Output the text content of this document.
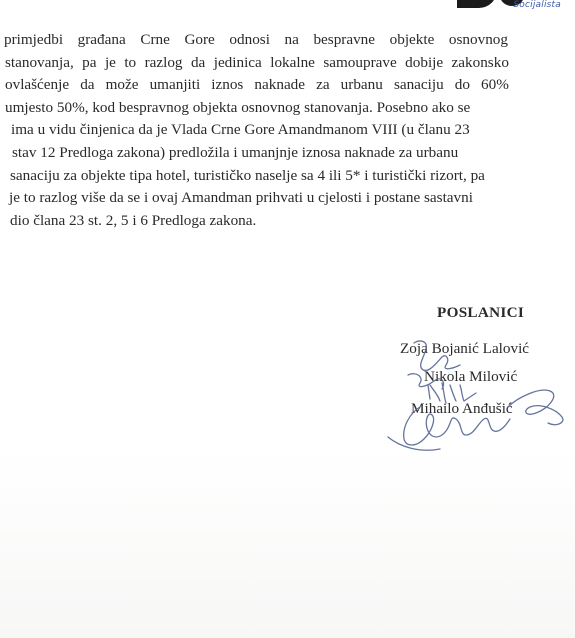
Socijalista
primjedbi građana Crne Gore odnosi na bespravne objekte osnovnog
stanovanja, pa je to razlog da jedinica lokalne samouprave dobije zakonsko
ovlašćenje da može umanjiti iznos naknade za urbanu sanaciju do 60%
umjesto 50%, kod bespravnog objekta osnovnog stanovanja. Posebno ako se
ima u vidu činjenica da je Vlada Crne Gore Amandmanom VIII (u članu 23
stav 12 Predloga zakona) predložila i umanjnje iznosa naknade za urbanu
sanaciju za objekte tipa hotel, turističko naselje sa 4 ili 5* i turistički rizort, pa
je to razlog više da se i ovaj Amandman prihvati u cjelosti i postane sastavni
dio člana 23 st. 2, 5 i 6 Predloga zakona.
POSLANICI
Zoja Bojanić Lalović
Nikola Milović
Mihailo Anđušić
